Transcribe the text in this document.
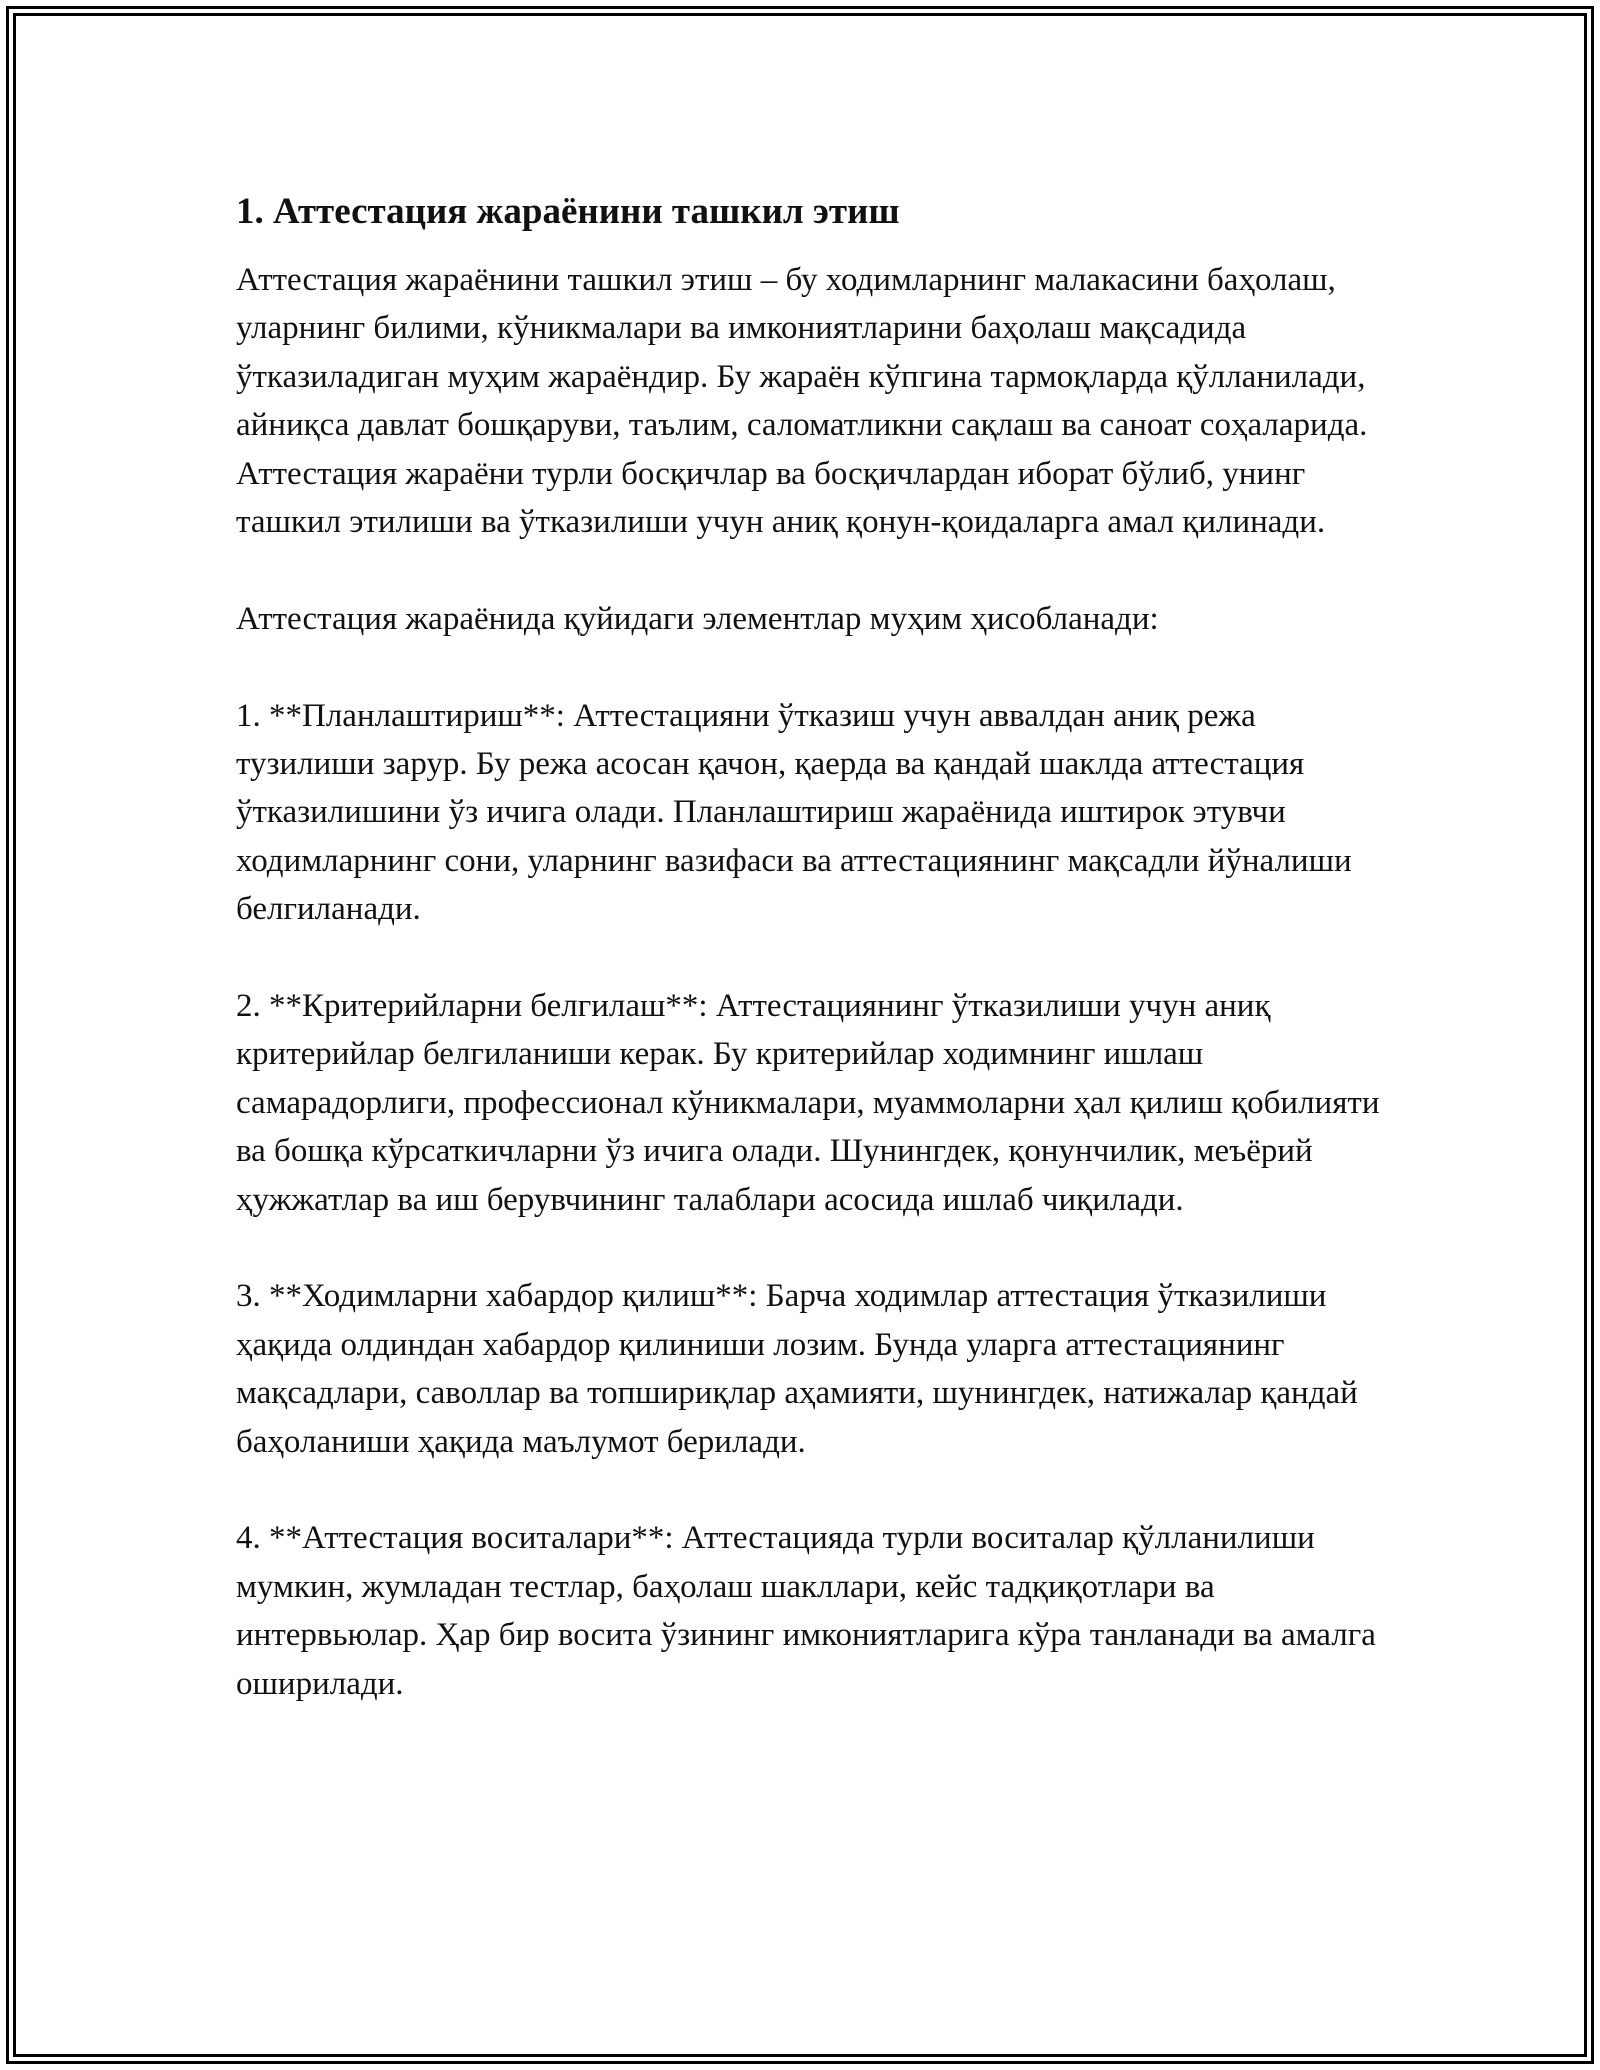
1. Аттестация жараёнини ташкил этиш

Аттестация жараёнини ташкил этиш – бу ходимларнинг малакасини баҳолаш, уларнинг билими, кўникмалари ва имкониятларини баҳолаш мақсадида ўтказиладиган муҳим жараёндир. Бу жараён кўпгина тармоқларда қўлланилади, айниқса давлат бошқаруви, таълим, саломатликни сақлаш ва саноат соҳаларида. Аттестация жараёни турли босқичлар ва босқичлардан иборат бўлиб, унинг ташкил этилиши ва ўтказилиши учун аниқ қонун-қоидаларга амал қилинади.

Аттестация жараёнида қуйидаги элементлар муҳим ҳисобланади:

1. **Планлаштириш**: Аттестацияни ўтказиш учун аввалдан аниқ режа тузилиши зарур. Бу режа асосан қачон, қаерда ва қандай шаклда аттестация ўтказилишини ўз ичига олади. Планлаштириш жараёнида иштирок этувчи ходимларнинг сони, уларнинг вазифаси ва аттестациянинг мақсадли йўналиши белгиланади.

2. **Критерийларни белгилаш**: Аттестациянинг ўтказилиши учун аниқ критерийлар белгиланиши керак. Бу критерийлар ходимнинг ишлаш самарадорлиги, профессионал кўникмалари, муаммоларни ҳал қилиш қобилияти ва бошқа кўрсаткичларни ўз ичига олади. Шунингдек, қонунчилик, меъёрий ҳужжатлар ва иш берувчининг талаблари асосида ишлаб чиқилади.

3. **Ходимларни хабардор қилиш**: Барча ходимлар аттестация ўтказилиши ҳақида олдиндан хабардор қилиниши лозим. Бунда уларга аттестациянинг мақсадлари, саволлар ва топшириқлар аҳамияти, шунингдек, натижалар қандай баҳоланиши ҳақида маълумот берилади.

4. **Аттестация воситалари**: Аттестацияда турли воситалар қўлланилиши мумкин, жумладан тестлар, баҳолаш шакллари, кейс тадқиқотлари ва интервьюлар. Ҳар бир восита ўзининг имкониятларига кўра танланади ва амалга оширилади.
